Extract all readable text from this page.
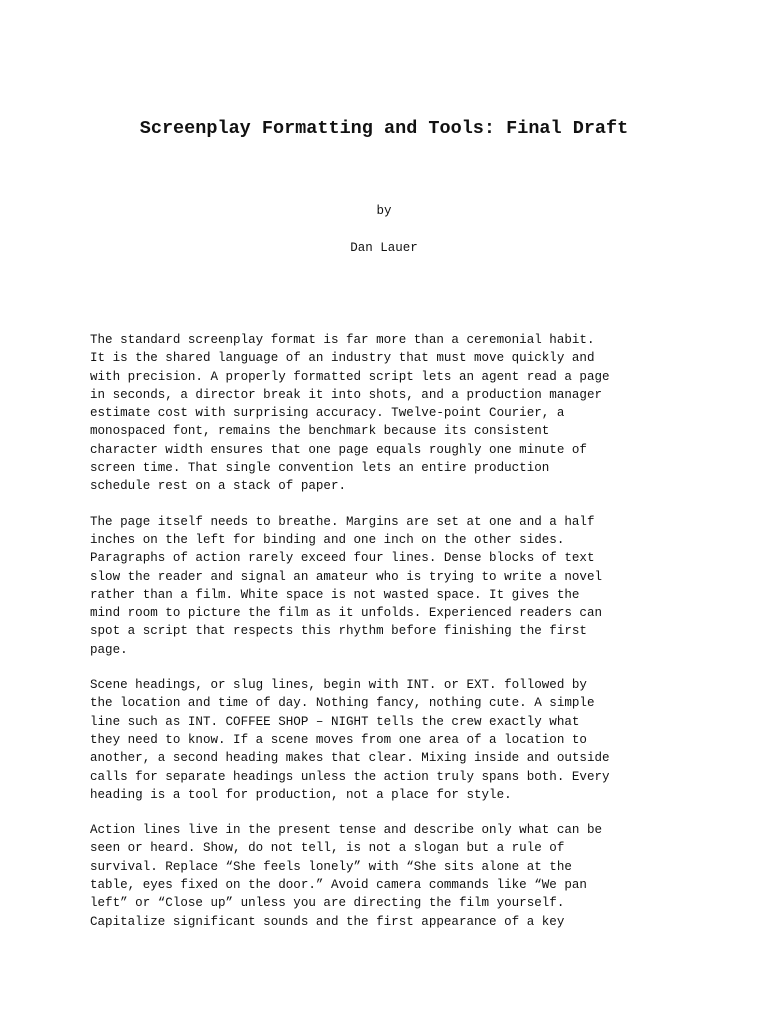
Screenplay Formatting and Tools: Final Draft

by

Dan Lauer

The standard screenplay format is far more than a ceremonial habit.
It is the shared language of an industry that must move quickly and
with precision. A properly formatted script lets an agent read a page
in seconds, a director break it into shots, and a production manager
estimate cost with surprising accuracy. Twelve-point Courier, a
monospaced font, remains the benchmark because its consistent
character width ensures that one page equals roughly one minute of
screen time. That single convention lets an entire production
schedule rest on a stack of paper.

The page itself needs to breathe. Margins are set at one and a half
inches on the left for binding and one inch on the other sides.
Paragraphs of action rarely exceed four lines. Dense blocks of text
slow the reader and signal an amateur who is trying to write a novel
rather than a film. White space is not wasted space. It gives the
mind room to picture the film as it unfolds. Experienced readers can
spot a script that respects this rhythm before finishing the first
page.

Scene headings, or slug lines, begin with INT. or EXT. followed by
the location and time of day. Nothing fancy, nothing cute. A simple
line such as INT. COFFEE SHOP – NIGHT tells the crew exactly what
they need to know. If a scene moves from one area of a location to
another, a second heading makes that clear. Mixing inside and outside
calls for separate headings unless the action truly spans both. Every
heading is a tool for production, not a place for style.

Action lines live in the present tense and describe only what can be
seen or heard. Show, do not tell, is not a slogan but a rule of
survival. Replace “She feels lonely” with “She sits alone at the
table, eyes fixed on the door.” Avoid camera commands like “We pan
left” or “Close up” unless you are directing the film yourself.
Capitalize significant sounds and the first appearance of a key
